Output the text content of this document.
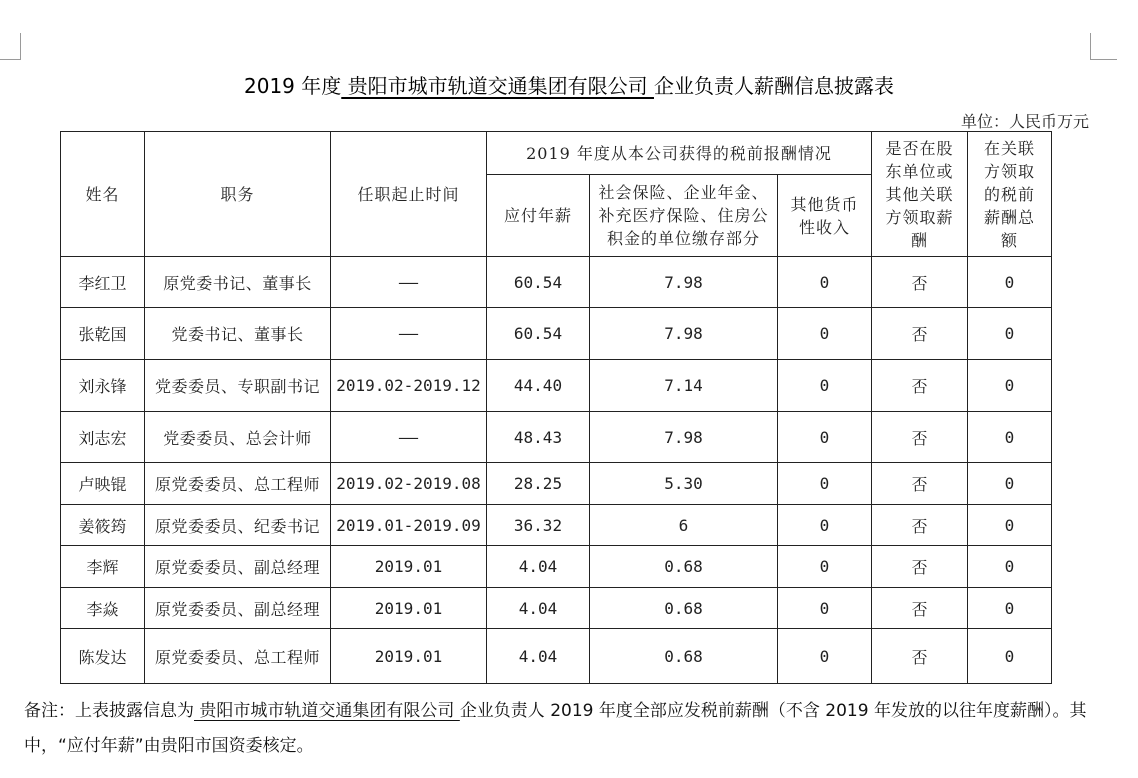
2019 年度 贵阳市城市轨道交通集团有限公司 企业负责人薪酬信息披露表
单位：人民币万元
姓名	职务	任职起止时间	2019 年度从本公司获得的税前报酬情况			是否在股东单位或其他关联方领取薪酬	在关联方领取的税前薪酬总额
			应付年薪	社会保险、企业年金、补充医疗保险、住房公积金的单位缴存部分	其他货币性收入		
李红卫	原党委书记、董事长	——	60.54	7.98	0	否	0
张乾国	党委书记、董事长	——	60.54	7.98	0	否	0
刘永锋	党委委员、专职副书记	2019.02-2019.12	44.40	7.14	0	否	0
刘志宏	党委委员、总会计师	——	48.43	7.98	0	否	0
卢映锟	原党委委员、总工程师	2019.02-2019.08	28.25	5.30	0	否	0
姜筱筠	原党委委员、纪委书记	2019.01-2019.09	36.32	6	0	否	0
李辉	原党委委员、副总经理	2019.01	4.04	0.68	0	否	0
李焱	原党委委员、副总经理	2019.01	4.04	0.68	0	否	0
陈发达	原党委委员、总工程师	2019.01	4.04	0.68	0	否	0
备注：上表披露信息为 贵阳市城市轨道交通集团有限公司 企业负责人 2019 年度全部应发税前薪酬（不含 2019 年发放的以往年度薪酬）。其中，“应付年薪”由贵阳市国资委核定。
